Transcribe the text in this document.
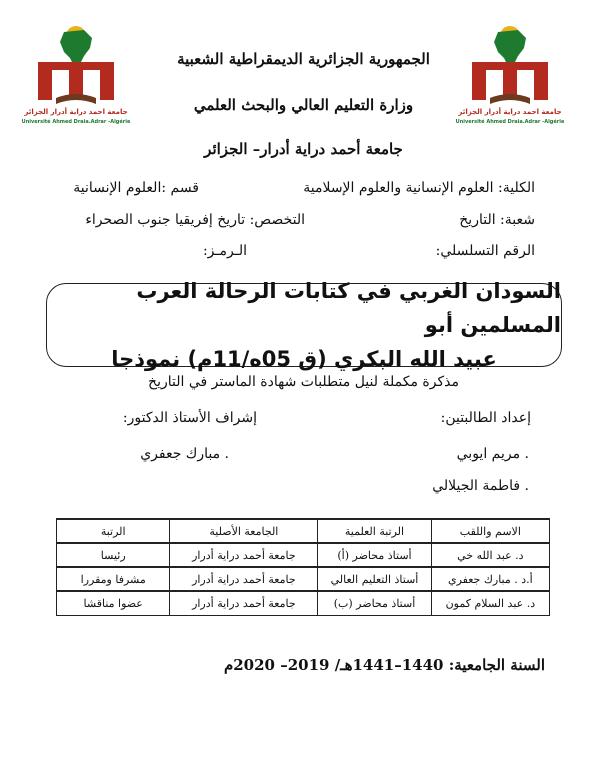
جامعة احمد دراية أدرار الجزائر
Université Ahmed Draia.Adrar -Algérie
جامعة احمد دراية أدرار الجزائر
Université Ahmed Draia.Adrar -Algérie
الجمهورية الجزائرية الديمقراطية الشعبية
وزارة التعليم العالي والبحث العلمي
جامعة أحمد دراية أدرار– الجزائر
الكلية: العلوم الإنسانية والعلوم الإسلامية
قسم :العلوم الإنسانية
شعبة: التاريخ
التخصص: تاريخ إفريقيا جنوب الصحراء
الرقم التسلسلي:
الـرمـز:
السودان الغربي في كتابات الرحالة العرب المسلمين أبو
عبيد الله البكري (ق 05ه/11م) نموذجا
مذكرة مكملة لنيل متطلبات شهادة الماستر في التاريخ
إعداد الطالبتين:
إشراف الأستاذ الدكتور:
. مريم ايوبي
. مبارك جعفري
. فاطمة الجيلالي
الاسم واللقب	الرتبة العلمية	الجامعة الأصلية	الرتبة
د. عبد الله خي	أستاذ محاضر (أ)	جامعة أحمد دراية أدرار	رئيسا
أ.د . مبارك جعفري	أستاذ التعليم العالي	جامعة أحمد دراية أدرار	مشرفا ومقررا
د. عبد السلام كمون	أستاذ محاضر (ب)	جامعة أحمد دراية أدرار	عضوا مناقشا
السنة الجامعية: 1440–1441هـ/ 2019– 2020م
